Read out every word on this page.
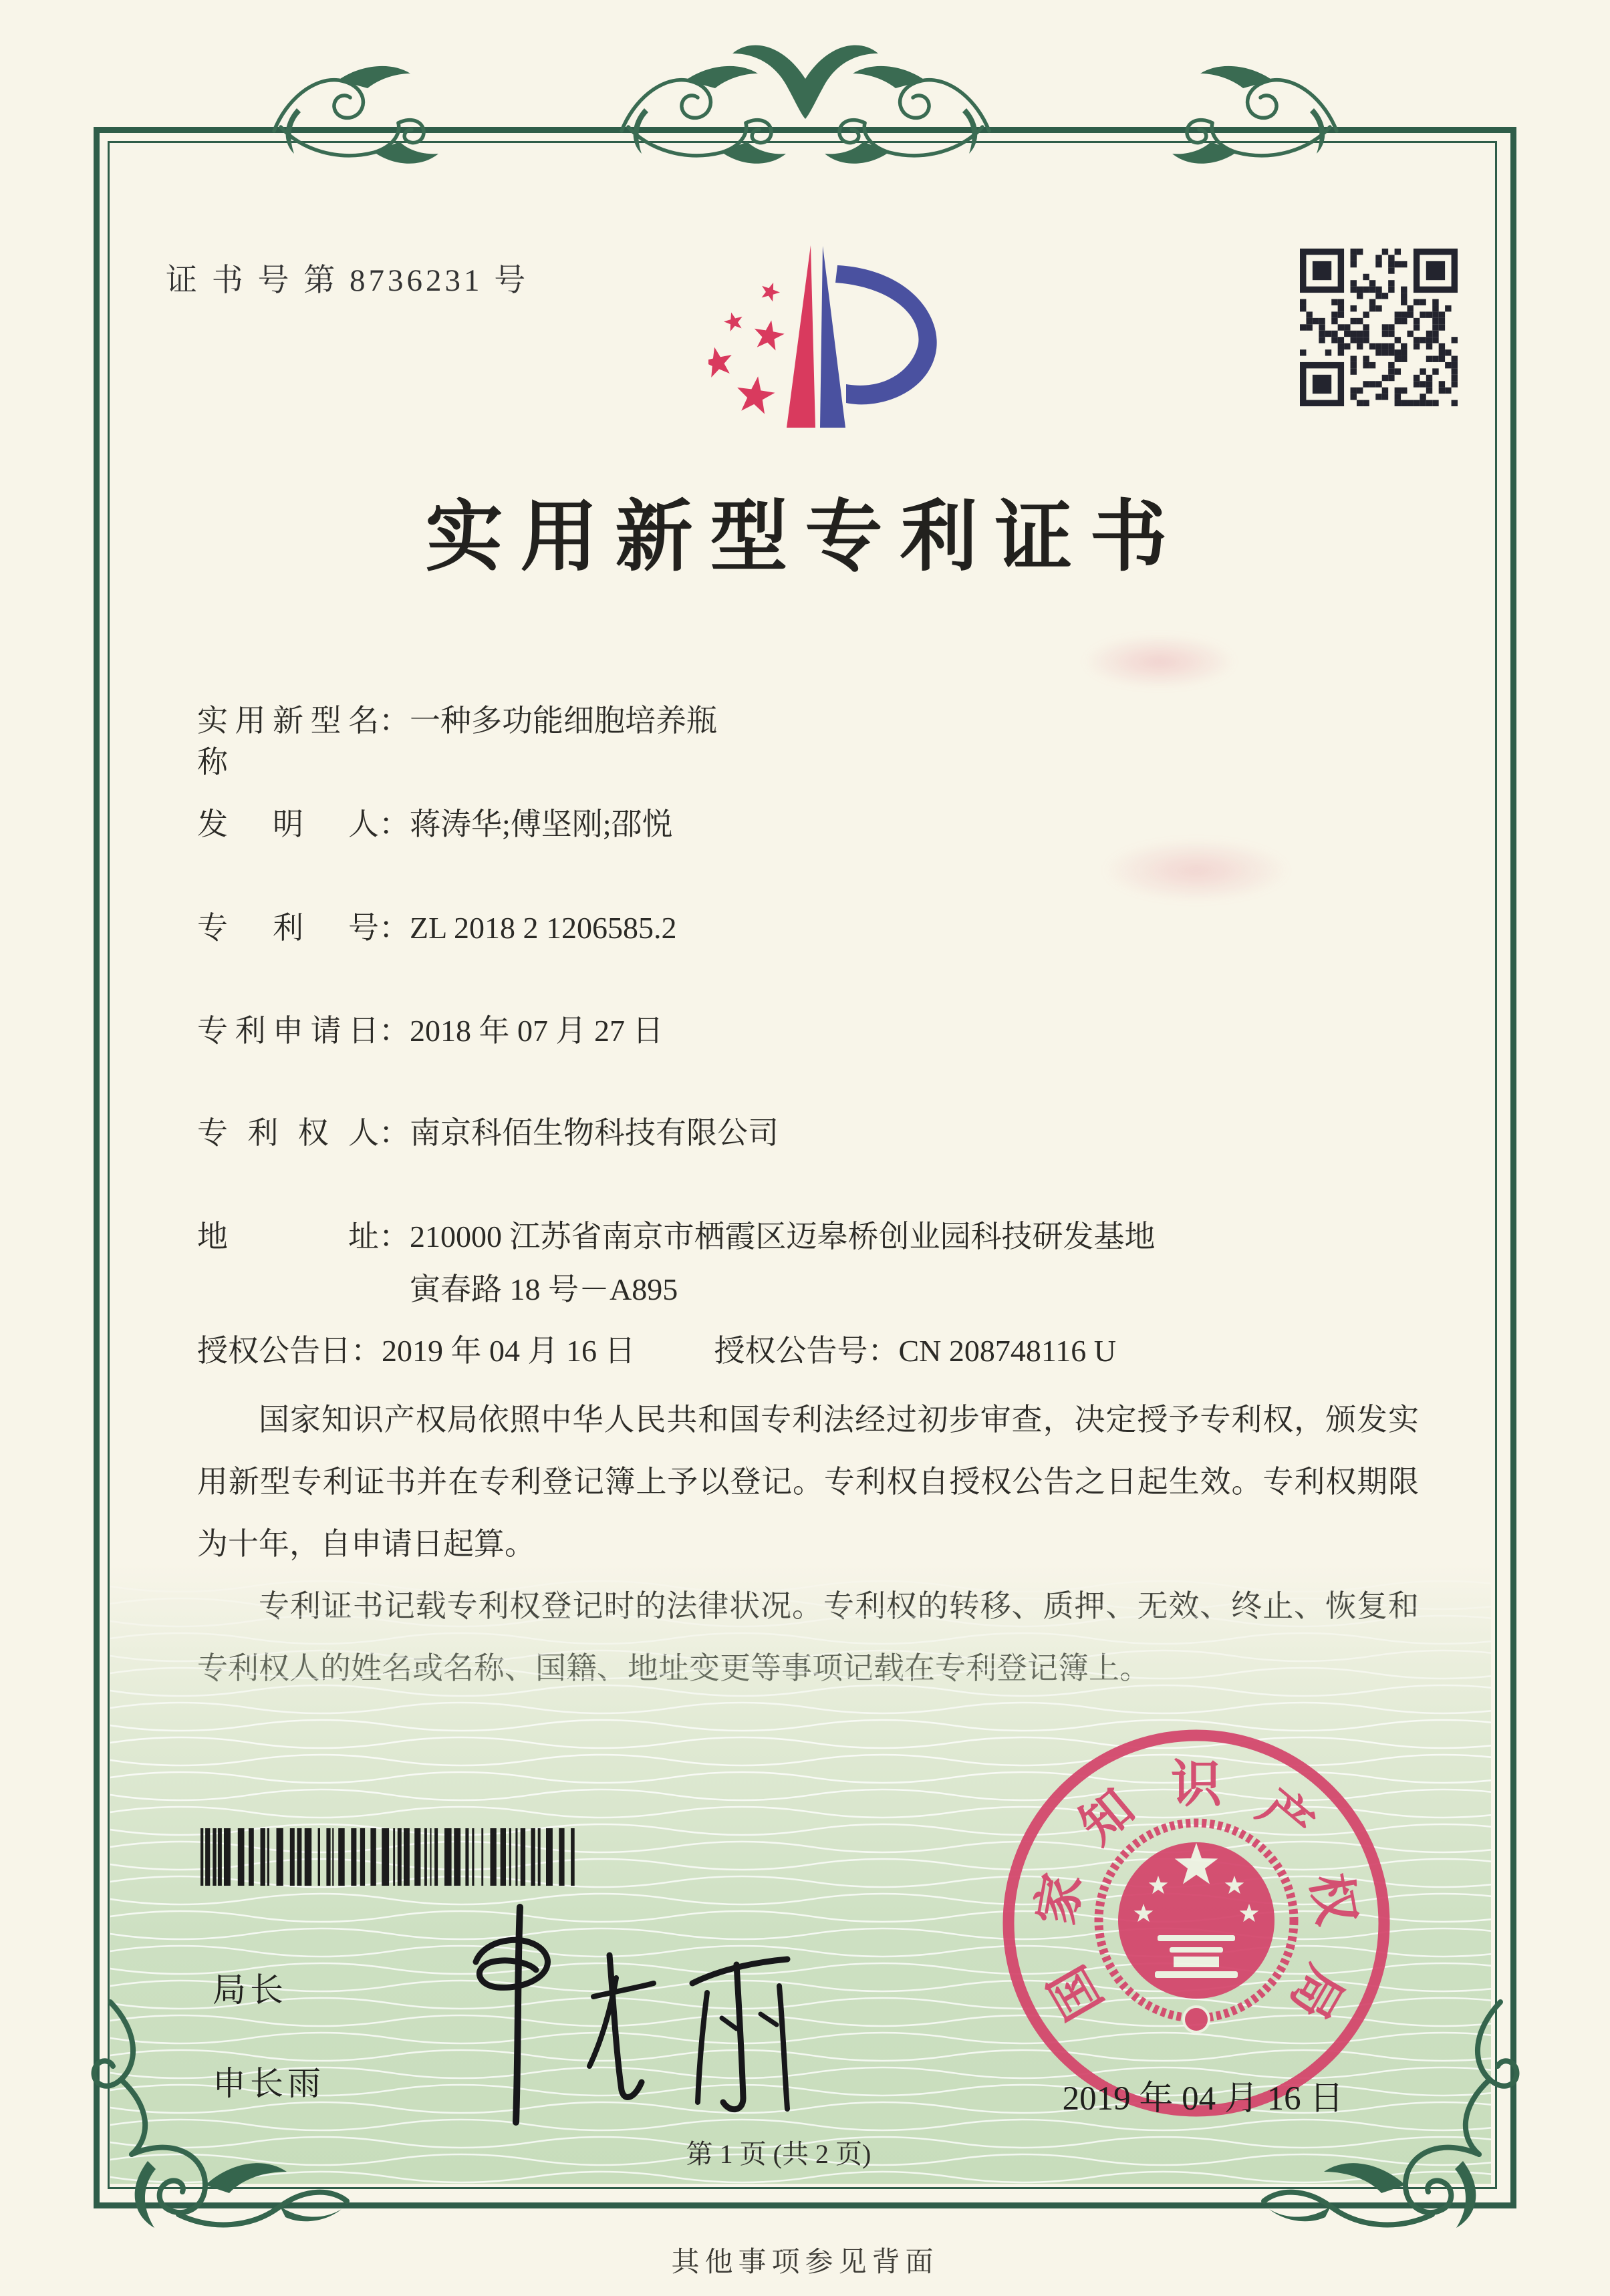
证 书 号 第 8736231 号
实用新型专利证书
实用新型名称
： 一种多功能细胞培养瓶
发明人 ： 蒋涛华;傅坚刚;邵悦
专利号 ： ZL 2018 2 1206585.2
专利申请日 ： 2018 年 07 月 27 日
专利权人 ： 南京科佰生物科技有限公司
地址 ： 210000 江苏省南京市栖霞区迈皋桥创业园科技研发基地
寅春路 18 号－A895
授权公告日：2019 年 04 月 16 日	授权公告号：CN 208748116 U
国家知识产权局依照中华人民共和国专利法经过初步审查，决定授予专利权，颁发实用新型专利证书并在专利登记簿上予以登记。专利权自授权公告之日起生效。专利权期限为十年，自申请日起算。
局长
申长雨
国
家
知 识 产
权
局
2019 年 04 月 16 日
第 1 页 (共 2 页)
其他事项参见背面
